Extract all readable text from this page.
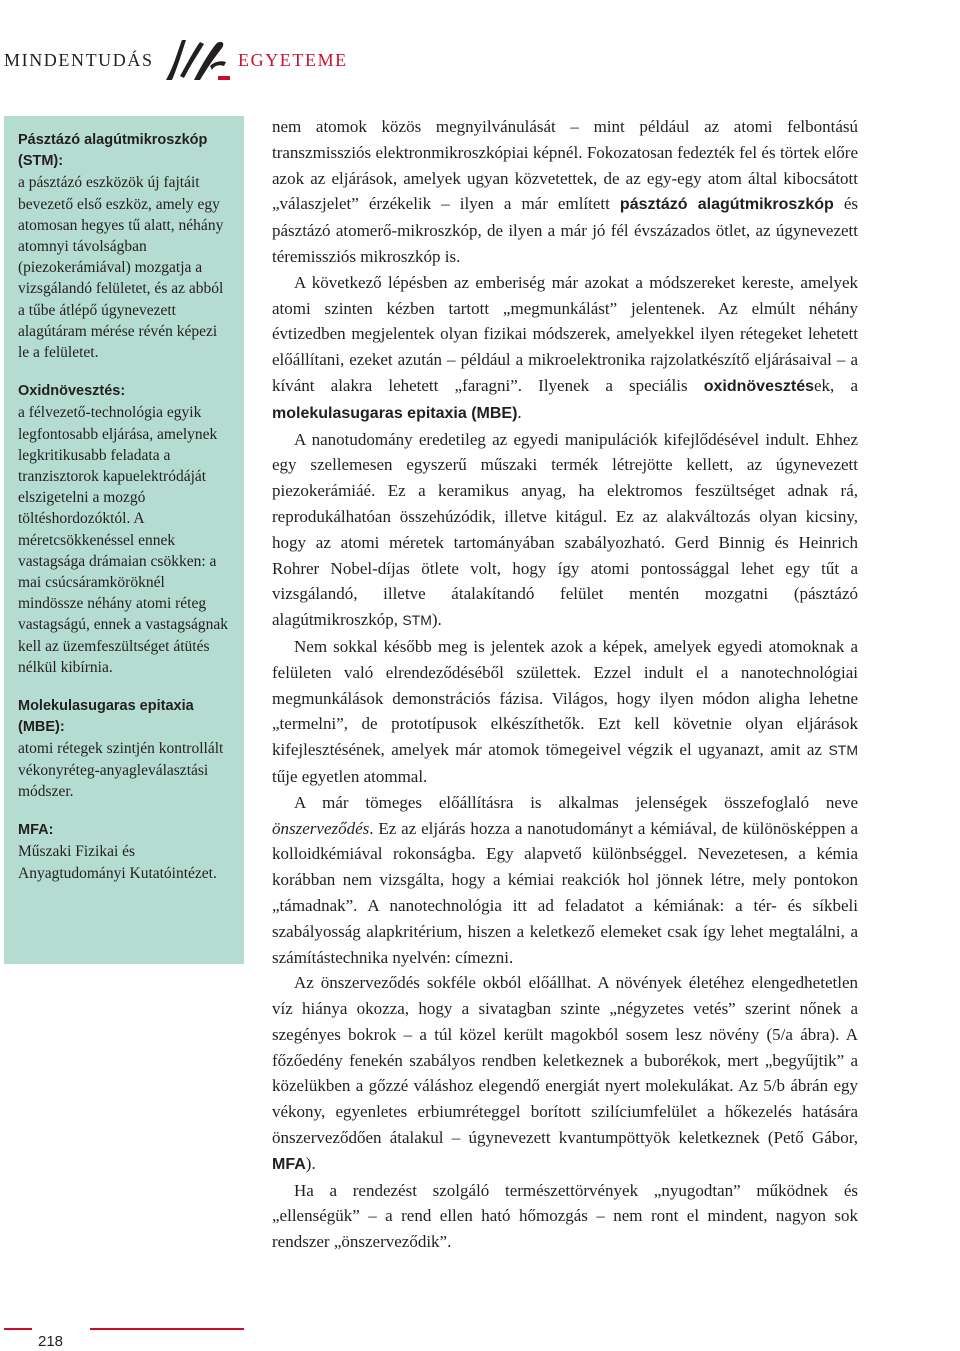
MINDENTUDÁS	EGYETEME
Pásztázó alagútmikroszkóp (STM):
a pásztázó eszközök új fajtáit bevezető első eszköz, amely egy atomosan hegyes tű alatt, néhány atomnyi távolságban (piezokerámiával) mozgatja a vizsgálandó felületet, és az abból a tűbe átlépő úgynevezett alagútáram mérése révén képezi le a felületet.
Oxidnövesztés:
a félvezető-technológia egyik legfontosabb eljárása, amelynek legkritikusabb feladata a tranzisztorok kapuelektródáját elszigetelni a mozgó töltéshordozóktól. A méretcsökkenéssel ennek vastagsága drámaian csökken: a mai csúcsáramköröknél mindössze néhány atomi réteg vastagságú, ennek a vastagságnak kell az üzemfeszültséget átütés nélkül kibírnia.
Molekulasugaras epitaxia (MBE):
atomi rétegek szintjén kontrollált vékonyréteg-anyagleválasztási módszer.
MFA:
Műszaki Fizikai és Anyagtudományi Kutatóintézet.

nem atomok közös megnyilvánulását – mint például az atomi felbontású transzmissziós elektronmikroszkópiai képnél. Fokozatosan fedezték fel és törtek előre azok az eljárások, amelyek ugyan közvetettek, de az egy-egy atom által kibocsátott „válaszjelet” érzékelik – ilyen a már említett pásztázó alagútmikroszkóp és pásztázó atomerő-mikroszkóp, de ilyen a már jó fél évszázados ötlet, az úgynevezett téremissziós mikroszkóp is.

A következő lépésben az emberiség már azokat a módszereket kereste, amelyek atomi szinten kézben tartott „megmunkálást” jelentenek. Az elmúlt néhány évtizedben megjelentek olyan fizikai módszerek, amelyekkel ilyen rétegeket lehetett előállítani, ezeket azután – például a mikroelektronika rajzolatkészítő eljárásaival – a kívánt alakra lehetett „faragni”. Ilyenek a speciális oxidnövesztések, a molekulasugaras epitaxia (MBE).

A nanotudomány eredetileg az egyedi manipulációk kifejlődésével indult. Ehhez egy szellemesen egyszerű műszaki termék létrejötte kellett, az úgynevezett piezokerámiáé. Ez a keramikus anyag, ha elektromos feszültséget adnak rá, reprodukálhatóan összehúzódik, illetve kitágul. Ez az alakváltozás olyan kicsiny, hogy az atomi méretek tartományában szabályozható. Gerd Binnig és Heinrich Rohrer Nobel-díjas ötlete volt, hogy így atomi pontossággal lehet egy tűt a vizsgálandó, illetve átalakítandó felület mentén mozgatni (pásztázó alagútmikroszkóp, STM).

Nem sokkal később meg is jelentek azok a képek, amelyek egyedi atomoknak a felületen való elrendeződéséből születtek. Ezzel indult el a nanotechnológiai megmunkálások demonstrációs fázisa. Világos, hogy ilyen módon aligha lehetne „termelni”, de prototípusok elkészíthetők. Ezt kell követnie olyan eljárások kifejlesztésének, amelyek már atomok tömegeivel végzik el ugyanazt, amit az STM tűje egyetlen atommal.

A már tömeges előállításra is alkalmas jelenségek összefoglaló neve önszerveződés. Ez az eljárás hozza a nanotudományt a kémiával, de különösképpen a kolloidkémiával rokonságba. Egy alapvető különbséggel. Nevezetesen, a kémia korábban nem vizsgálta, hogy a kémiai reakciók hol jönnek létre, mely pontokon „támadnak”. A nanotechnológia itt ad feladatot a kémiának: a tér- és síkbeli szabályosság alapkritérium, hiszen a keletkező elemeket csak így lehet megtalálni, a számítástechnika nyelvén: címezni.

Az önszerveződés sokféle okból előállhat. A növények életéhez elengedhetetlen víz hiánya okozza, hogy a sivatagban szinte „négyzetes vetés” szerint nőnek a szegényes bokrok – a túl közel került magokból sosem lesz növény (5/a ábra). A főzőedény fenekén szabályos rendben keletkeznek a buborékok, mert „begyűjtik” a közelükben a gőzzé váláshoz elegendő energiát nyert molekulákat. Az 5/b ábrán egy vékony, egyenletes erbiumréteggel borított szilíciumfelület a hőkezelés hatására önszerveződően átalakul – úgynevezett kvantumpöttyök keletkeznek (Pető Gábor, MFA).

Ha a rendezést szolgáló természettörvények „nyugodtan” működnek és „ellenségük” – a rend ellen ható hőmozgás – nem ront el mindent, nagyon sok rendszer „önszerveződik”.

218
